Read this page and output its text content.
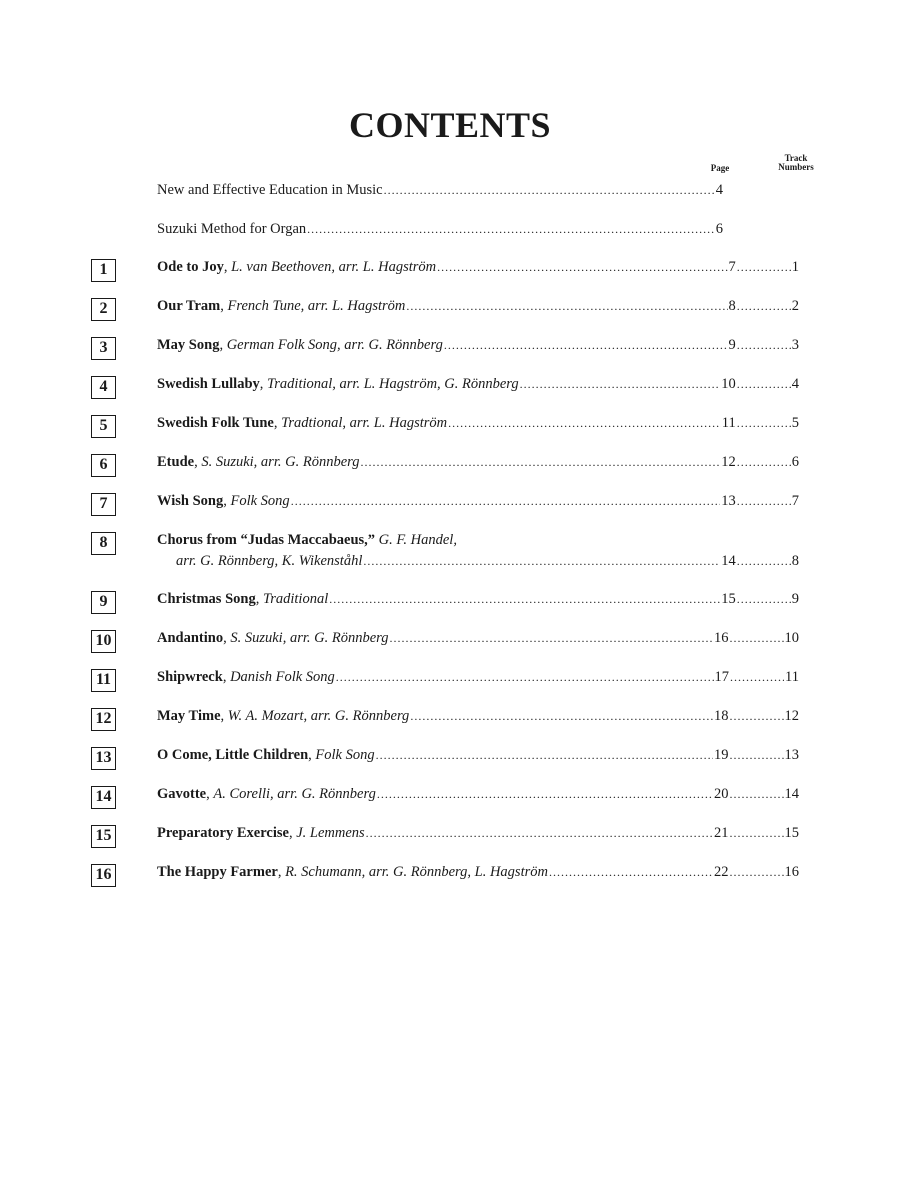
CONTENTS
Page
Track
Numbers
New and Effective Education in Music .....	4
Suzuki Method for Organ .....	6
1	Ode to Joy , L. van Beethoven, arr. L. Hagström .....	7 .....	1
2	Our Tram , French Tune, arr. L. Hagström .....	8 .....	2
3	May Song , German Folk Song, arr. G. Rönnberg .....	9 .....	3
4	Swedish Lullaby , Traditional, arr. L. Hagström, G. Rönnberg .....	10 .....	4
5	Swedish Folk Tune , Tradtional, arr. L. Hagström .....	11 .....	5
6	Etude , S. Suzuki, arr. G. Rönnberg .....	12 .....	6
7	Wish Song , Folk Song .....	13 .....	7
8	Chorus from “Judas Maccabaeus,”
G. F. Handel,
arr. G. Rönnberg, K. Wikenståhl .....	14 .....	8
9	Christmas Song , Traditional .....	15 .....	9
10	Andantino , S. Suzuki, arr. G. Rönnberg .....	16 .....	10
11	Shipwreck , Danish Folk Song .....	17 .....	11
12	May Time , W. A. Mozart, arr. G. Rönnberg .....	18 .....	12
13	O Come, Little Children , Folk Song .....	19 .....	13
14	Gavotte , A. Corelli, arr. G. Rönnberg .....	20 .....	14
15	Preparatory Exercise , J. Lemmens .....	21 .....	15
16	The Happy Farmer , R. Schumann, arr. G. Rönnberg, L. Hagström .....	22 .....	16
